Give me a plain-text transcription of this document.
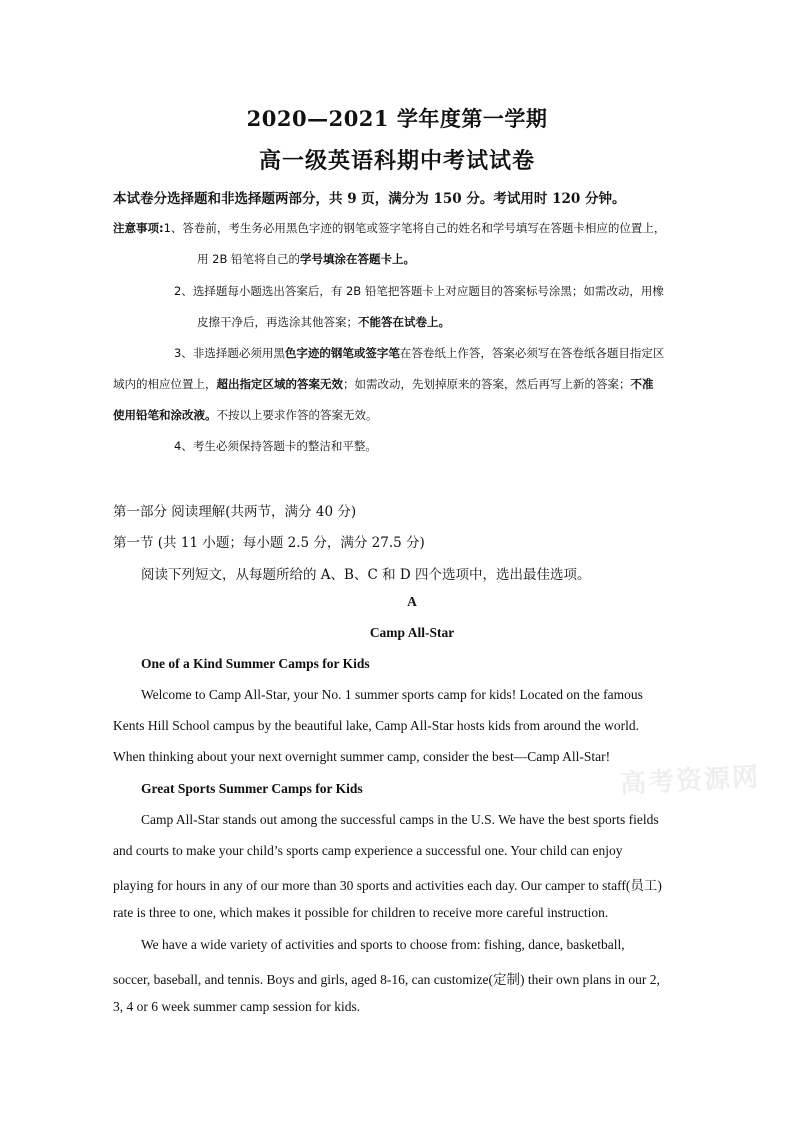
2020—2021 学年度第一学期
高一级英语科期中考试试卷
本试卷分选择题和非选择题两部分，共 9 页，满分为 150 分。考试用时 120 分钟。
注意事项:1、答卷前，考生务必用黑色字迹的钢笔或签字笔将自己的姓名和学号填写在答题卡相应的位置上，
用 2B 铅笔将自己的学号填涂在答题卡上。
2、选择题每小题选出答案后，有 2B 铅笔把答题卡上对应题目的答案标号涂黑；如需改动，用橡
皮擦干净后，再选涂其他答案；不能答在试卷上。
3、非选择题必须用黑色字迹的钢笔或签字笔在答卷纸上作答，答案必须写在答卷纸各题目指定区
域内的相应位置上，超出指定区域的答案无效；如需改动，先划掉原来的答案，然后再写上新的答案；不准
使用铅笔和涂改液。不按以上要求作答的答案无效。
4、考生必须保持答题卡的整洁和平整。
第一部分 阅读理解(共两节，满分 40 分)
第一节 (共 11 小题；每小题 2.5 分，满分 27.5 分)
阅读下列短文，从每题所给的 A、B、C 和 D 四个选项中，选出最佳选项。
A
Camp All-Star
One of a Kind Summer Camps for Kids
Welcome to Camp All-Star, your No. 1 summer sports camp for kids! Located on the famous
Kents Hill School campus by the beautiful lake, Camp All-Star hosts kids from around the world.
When thinking about your next overnight summer camp, consider the best—Camp All-Star!
Great Sports Summer Camps for Kids
Camp All-Star stands out among the successful camps in the U.S. We have the best sports fields
and courts to make your child’s sports camp experience a successful one. Your child can enjoy
playing for hours in any of our more than 30 sports and activities each day. Our camper to staff(员工)
rate is three to one, which makes it possible for children to receive more careful instruction.
We have a wide variety of activities and sports to choose from: fishing, dance, basketball,
soccer, baseball, and tennis. Boys and girls, aged 8-16, can customize(定制) their own plans in our 2,
3, 4 or 6 week summer camp session for kids.
高考资源网
